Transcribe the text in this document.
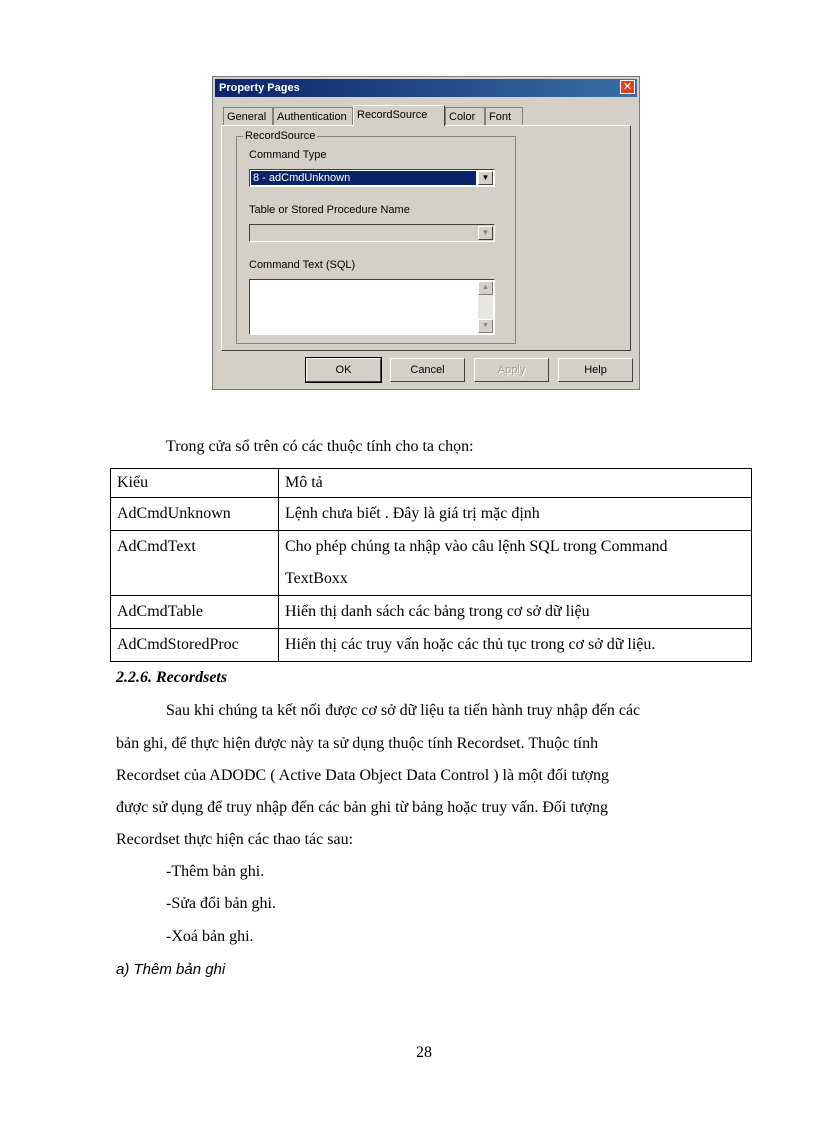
Property Pages	✕
General Authentication RecordSource	Color	Font
RecordSource
Command Type
8 - adCmdUnknown	▼
Table or Stored Procedure Name
▼
Command Text (SQL)
▲
▼
OK	Cancel	Apply	Help
Trong cửa sổ trên có các thuộc tính cho ta chọn:
Kiểu	Mô tả
AdCmdUnknown	Lệnh chưa biết . Đây là giá trị mặc định
AdCmdText	Cho phép chúng ta nhập vào câu lệnh SQL trong Command
TextBoxx
AdCmdTable	Hiển thị danh sách các bảng trong cơ sở dữ liệu
AdCmdStoredProc	Hiển thị các truy vấn hoặc các thủ tục trong cơ sở dữ liệu.
2.2.6. Recordsets
Sau khi chúng ta kết nối được cơ sở dữ liệu ta tiến hành truy nhập đến các
bản ghi, để thực hiện được này ta sử dụng thuộc tính Recordset. Thuộc tính
Recordset của ADODC ( Active Data Object Data Control ) là một đối tượng
được sử dụng để truy nhập đến các bản ghi từ bảng hoặc truy vấn. Đối tượng
Recordset thực hiện các thao tác sau:
-Thêm bản ghi.
-Sửa đổi bản ghi.
-Xoá bản ghi.
a) Thêm bản ghi
28
